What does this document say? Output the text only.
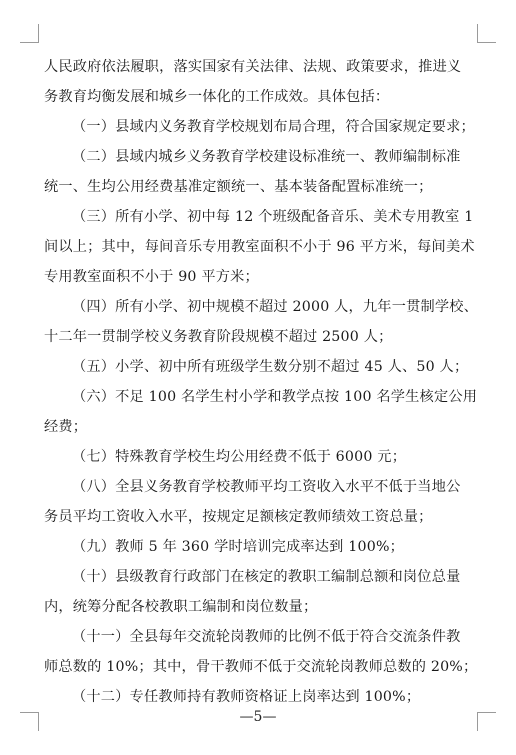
人民政府依法履职，落实国家有关法律、法规、政策要求，推进义
务教育均衡发展和城乡一体化的工作成效。具体包括：
（一）县域内义务教育学校规划布局合理，符合国家规定要求；
（二）县域内城乡义务教育学校建设标准统一、教师编制标准
统一、生均公用经费基准定额统一、基本装备配置标准统一；
（三）所有小学、初中每 12 个班级配备音乐、美术专用教室 1
间以上；其中，每间音乐专用教室面积不小于 96 平方米，每间美术
专用教室面积不小于 90 平方米；
（四）所有小学、初中规模不超过 2000 人，九年一贯制学校、
十二年一贯制学校义务教育阶段规模不超过 2500 人；
（五）小学、初中所有班级学生数分别不超过 45 人、50 人；
（六）不足 100 名学生村小学和教学点按 100 名学生核定公用
经费；
（七）特殊教育学校生均公用经费不低于 6000 元；
（八）全县义务教育学校教师平均工资收入水平不低于当地公
务员平均工资收入水平，按规定足额核定教师绩效工资总量；
（九）教师 5 年 360 学时培训完成率达到 100%；
（十）县级教育行政部门在核定的教职工编制总额和岗位总量
内，统筹分配各校教职工编制和岗位数量；
（十一）全县每年交流轮岗教师的比例不低于符合交流条件教
师总数的 10%；其中，骨干教师不低于交流轮岗教师总数的 20%；
（十二）专任教师持有教师资格证上岗率达到 100%；
—5—
